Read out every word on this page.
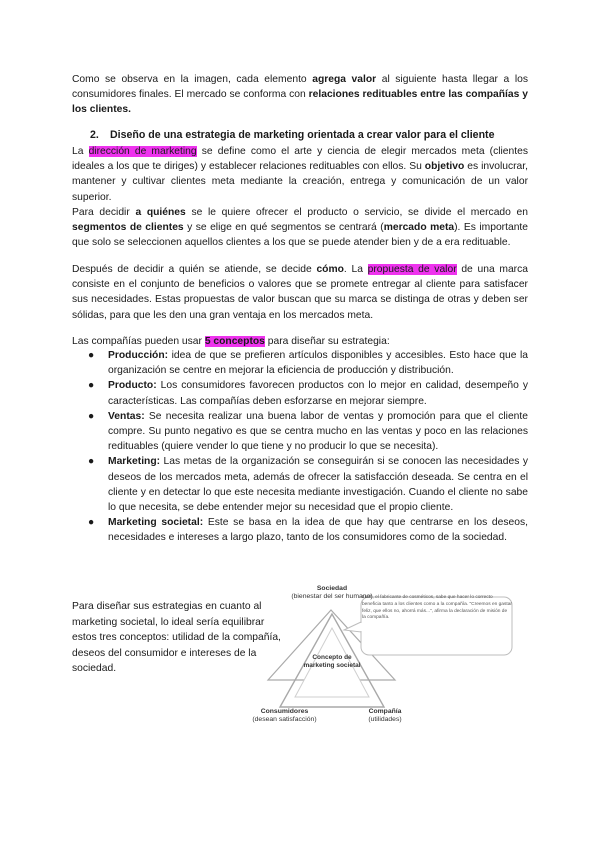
Como se observa en la imagen, cada elemento agrega valor al siguiente hasta llegar a los consumidores finales. El mercado se conforma con relaciones redituables entre las compañías y los clientes.

2. Diseño de una estrategia de marketing orientada a crear valor para el cliente

La dirección de marketing se define como el arte y ciencia de elegir mercados meta (clientes ideales a los que te diriges) y establecer relaciones redituables con ellos. Su objetivo es involucrar, mantener y cultivar clientes meta mediante la creación, entrega y comunicación de un valor superior.

Para decidir a quiénes se le quiere ofrecer el producto o servicio, se divide el mercado en segmentos de clientes y se elige en qué segmentos se centrará (mercado meta). Es importante que solo se seleccionen aquellos clientes a los que se puede atender bien y de a era redituable.

Después de decidir a quién se atiende, se decide cómo. La propuesta de valor de una marca consiste en el conjunto de beneficios o valores que se promete entregar al cliente para satisfacer sus necesidades. Estas propuestas de valor buscan que su marca se distinga de otras y deben ser sólidas, para que les den una gran ventaja en los mercados meta.

Las compañías pueden usar 5 conceptos para diseñar su estrategia:

● Producción: idea de que se prefieren artículos disponibles y accesibles. Esto hace que la organización se centre en mejorar la eficiencia de producción y distribución.
● Producto: Los consumidores favorecen productos con lo mejor en calidad, desempeño y características. Las compañías deben esforzarse en mejorar siempre.
● Ventas: Se necesita realizar una buena labor de ventas y promoción para que el cliente compre. Su punto negativo es que se centra mucho en las ventas y poco en las relaciones redituables (quiere vender lo que tiene y no producir lo que se necesita).
● Marketing: Las metas de la organización se conseguirán si se conocen las necesidades y deseos de los mercados meta, además de ofrecer la satisfacción deseada. Se centra en el cliente y en detectar lo que este necesita mediante investigación. Cuando el cliente no sabe lo que necesita, se debe entender mejor su necesidad que el propio cliente.
● Marketing societal: Este se basa en la idea de que hay que centrarse en los deseos, necesidades e intereses a largo plazo, tanto de los consumidores como de la sociedad.

Para diseñar sus estrategias en cuanto al marketing societal, lo ideal sería equilibrar estos tres conceptos: utilidad de la compañía, deseos del consumidor e intereses de la sociedad.

Sociedad
(bienestar del ser humano)
Concepto de marketing societal
Consumidores
(desean satisfacción)
Compañía
(utilidades)
Lush, el fabricante de cosméticos, sabe que hacer lo correcto beneficia tanto a los clientes como a la compañía. "Creemos en gastar feliz, que ellos no, ahorrá más...", afirma la declaración de misión de la compañía.
